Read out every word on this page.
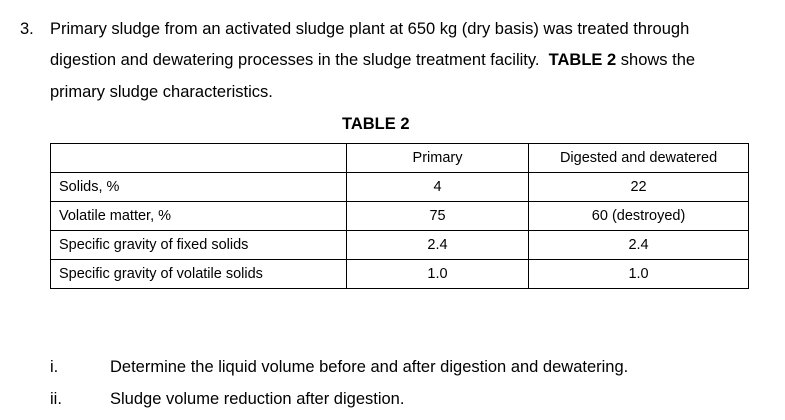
3. Primary sludge from an activated sludge plant at 650 kg (dry basis) was treated through
digestion and dewatering processes in the sludge treatment facility. TABLE 2 shows the
primary sludge characteristics.
TABLE 2
	Primary	Digested and dewatered
Solids, %	4	22
Volatile matter, %	75	60 (destroyed)
Specific gravity of fixed solids	2.4	2.4
Specific gravity of volatile solids	1.0	1.0
i.	Determine the liquid volume before and after digestion and dewatering.
ii.	Sludge volume reduction after digestion.
